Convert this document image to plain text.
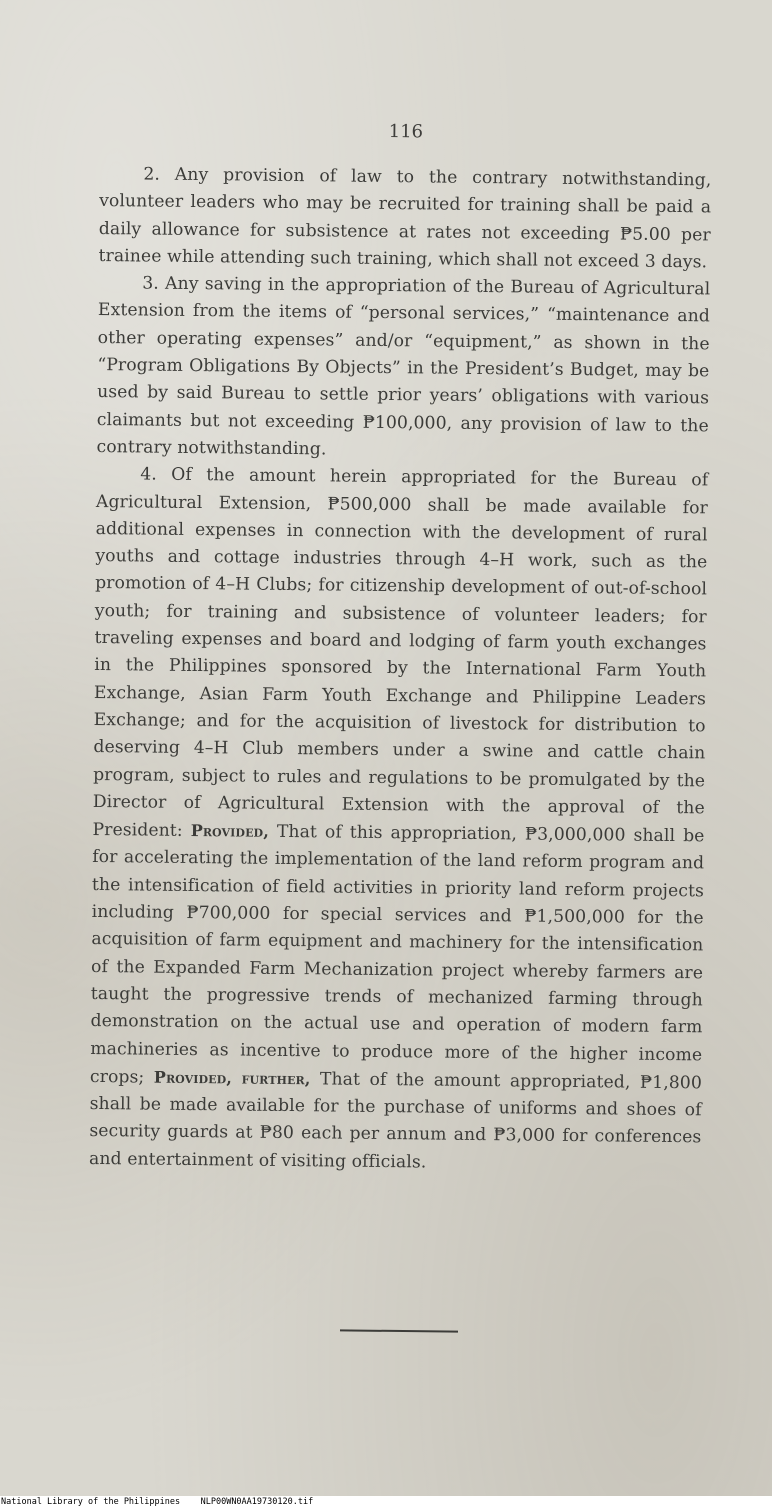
116

2. Any provision of law to the contrary notwithstanding, volunteer leaders who may be recruited for training shall be paid a daily allowance for subsistence at rates not exceeding ₱5.00 per trainee while attending such training, which shall not exceed 3 days.

3. Any saving in the appropriation of the Bureau of Agricultural Extension from the items of “personal services,” “maintenance and other operating expenses” and/or “equipment,” as shown in the “Program Obligations By Objects” in the President’s Budget, may be used by said Bureau to settle prior years’ obligations with various claimants but not exceeding ₱100,000, any provision of law to the contrary notwithstanding.

4. Of the amount herein appropriated for the Bureau of Agricultural Extension, ₱500,000 shall be made available for additional expenses in connection with the development of rural youths and cottage industries through 4–H work, such as the promotion of 4–H Clubs; for citizenship development of out-of-school youth; for training and subsistence of volunteer leaders; for traveling expenses and board and lodging of farm youth exchanges in the Philippines sponsored by the International Farm Youth Exchange, Asian Farm Youth Exchange and Philippine Leaders Exchange; and for the acquisition of livestock for distribution to deserving 4–H Club members under a swine and cattle chain program, subject to rules and regulations to be promulgated by the Director of Agricultural Extension with the approval of the President: Provided, That of this appropriation, ₱3,000,000 shall be for accelerating the implementation of the land reform program and the intensification of field activities in priority land reform projects including ₱700,000 for special services and ₱1,500,000 for the acquisition of farm equipment and machinery for the intensification of the Expanded Farm Mechanization project whereby farmers are taught the progressive trends of mechanized farming through demonstration on the actual use and operation of modern farm machineries as incentive to produce more of the higher income crops; Provided, further, That of the amount appropriated, ₱1,800 shall be made available for the purchase of uniforms and shoes of security guards at ₱80 each per annum and ₱3,000 for conferences and entertainment of visiting officials.

National Library of the Philippines NLP00WN0AA19730120.tif
